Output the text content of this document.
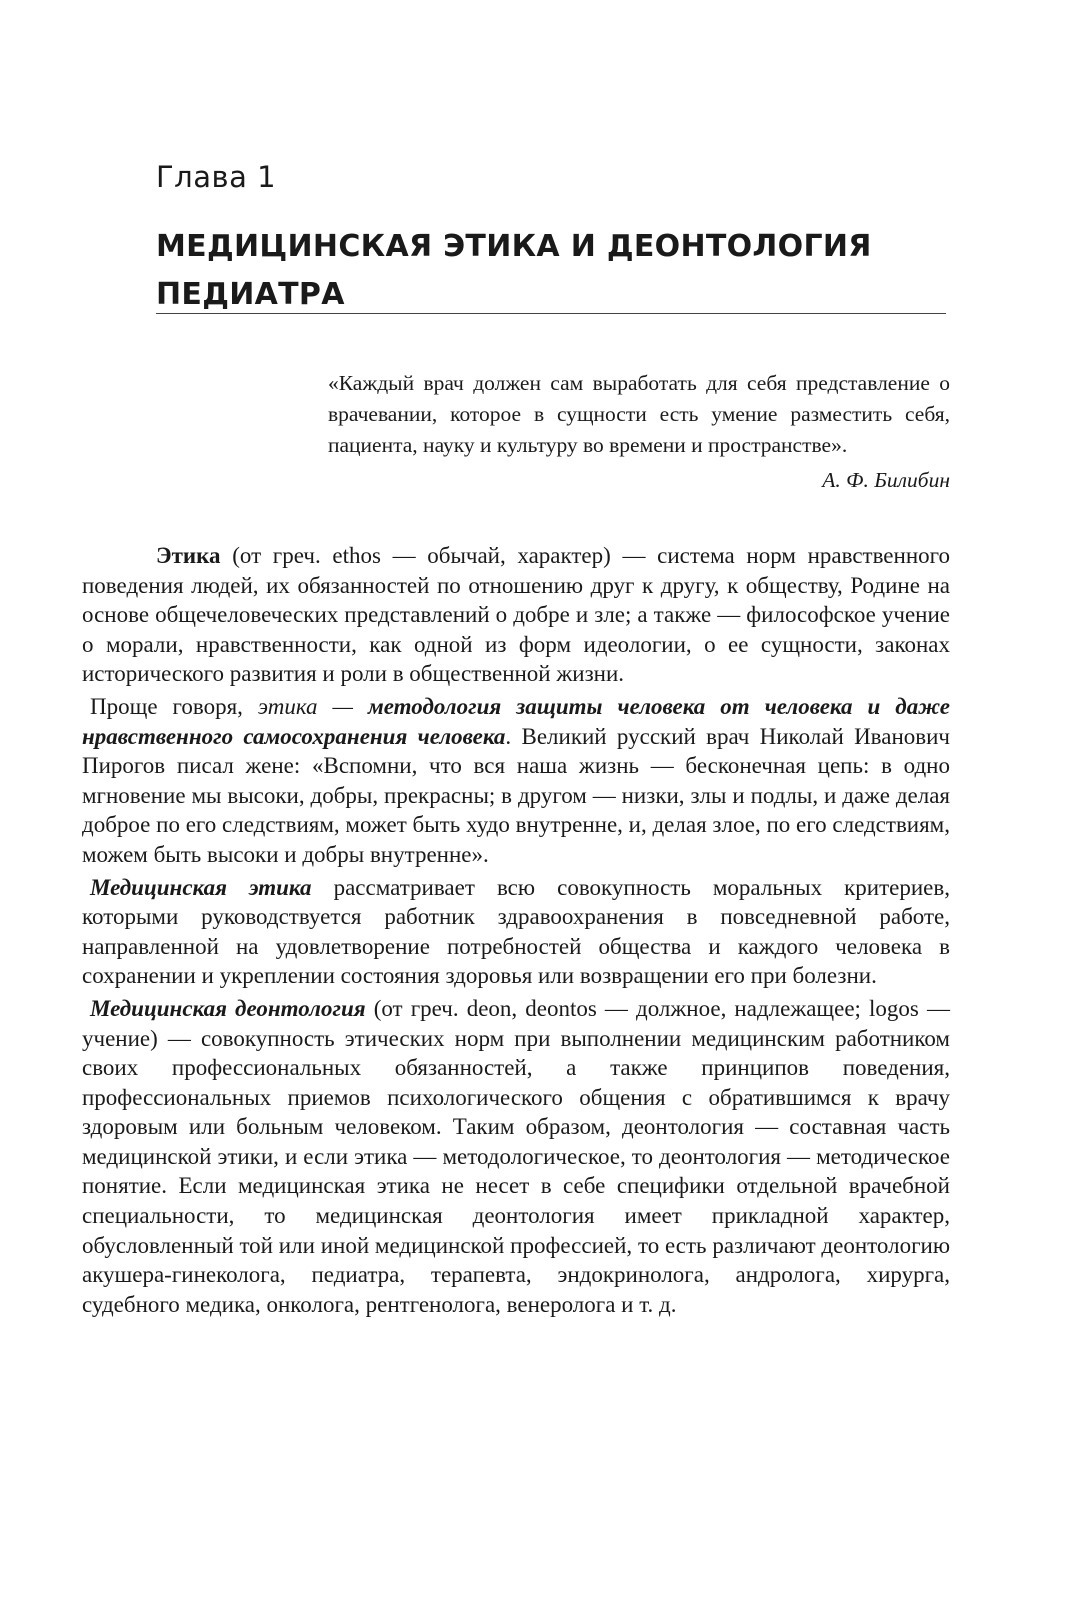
Глава 1
МЕДИЦИНСКАЯ ЭТИКА И ДЕОНТОЛОГИЯ
ПЕДИАТРА

«Каждый врач должен сам выработать для себя представление о врачевании, которое в сущности есть умение разместить себя, пациента, науку и культуру во времени и пространстве».

А. Ф. Билибин

Этика (от греч. ethos — обычай, характер) — система норм нравственного поведения людей, их обязанностей по отношению друг к другу, к обществу, Родине на основе общечеловеческих представлений о добре и зле; а также — философское учение о морали, нравственности, как одной из форм идеологии, о ее сущности, законах исторического развития и роли в общественной жизни.

Проще говоря, этика — методология защиты человека от человека и даже нравственного самосохранения человека. Великий русский врач Николай Иванович Пирогов писал жене: «Вспомни, что вся наша жизнь — бесконечная цепь: в одно мгновение мы высоки, добры, прекрасны; в другом — низки, злы и подлы, и даже делая доброе по его следствиям, может быть худо внутренне, и, делая злое, по его следствиям, можем быть высоки и добры внутренне».

Медицинская этика рассматривает всю совокупность моральных критериев, которыми руководствуется работник здравоохранения в повседневной работе, направленной на удовлетворение потребностей общества и каждого человека в сохранении и укреплении состояния здоровья или возвращении его при болезни.

Медицинская деонтология (от греч. deon, deontos — должное, надлежащее; logos — учение) — совокупность этических норм при выполнении медицинским работником своих профессиональных обязанностей, а также принципов поведения, профессиональных приемов психологического общения с обратившимся к врачу здоровым или больным человеком. Таким образом, деонтология — составная часть медицинской этики, и если этика — методологическое, то деонтология — методическое понятие. Если медицинская этика не несет в себе специфики отдельной врачебной специальности, то медицинская деонтология имеет прикладной характер, обусловленный той или иной медицинской профессией, то есть различают деонтологию акушера-гинеколога, педиатра, терапевта, эндокринолога, андролога, хирурга, судебного медика, онколога, рентгенолога, венеролога и т. д.
